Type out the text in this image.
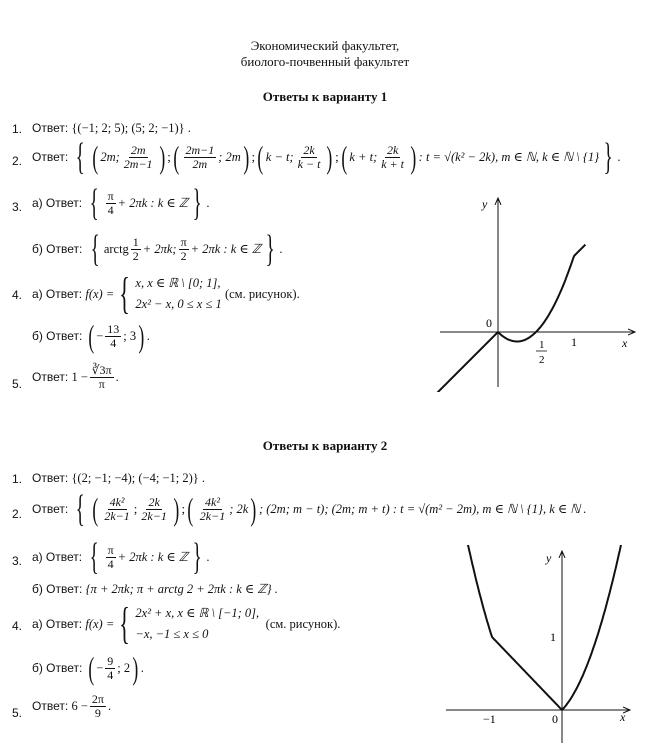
Экономический факультет,
биолого-почвенный факультет
Ответы к варианту 1
1. Ответ:
{(−1; 2; 5); (5; 2; −1)} .
2. Ответ:
{ ( 2m; $\frac{2m}{2m-1}$ ) ; ( $\frac{2m-1}{2m}$ ; 2m ) ; ( k − t; $\frac{2k}{k - t}$ ) ; ( k + t; $\frac{2k}{k + t}$ ) : t = √(k² − 2k), m ∈ ℕ, k ∈ ℕ \ {1} } .
3. а)
Ответ:
{ $\frac{\pi}{4} + 2\pi k$ : k ∈ ℤ } .
б)
Ответ:
{ arctg $\frac{1}{2} + 2\pi k$; $\frac{\pi}{2} + 2\pi k$ : k ∈ ℤ } .
4. а)
Ответ:
f(x) = { x, x ∈ ℝ \ [0; 1],
2x² − x, 0 ≤ x ≤ 1

(см. рисунок).
б)
Ответ:
( − $\frac{13}{4}$ ; 3 ) .
5. Ответ:
$1 - \frac{∛3\pi}{\pi}$ .
y
x
0
1
1
2
Ответы к варианту 2
1. Ответ:
{(2; −1; −4); (−4; −1; 2)} .
2. Ответ:
{ ( $\frac{\text{4k²}}{2k-1}$ ; $\frac{2k}{2k-1}$ ) ; ( $\frac{\text{4k²}}{2k-1}$ ; 2k ) ; (2m; m − t); (2m; m + t) : t = √(m² − 2m), m ∈ ℕ \ {1}, k ∈ ℕ .
3. а)
Ответ:
{ $\frac{\pi}{4} + 2\pi k$ : k ∈ ℤ } .
б)
Ответ:
{π + 2πk; π + arctg 2 + 2πk : k ∈ ℤ} .
4. а)
Ответ:
f(x) = { 2x² + x, x ∈ ℝ \ [−1; 0],
−x, −1 ≤ x ≤ 0

(см. рисунок).
б)
Ответ:
( − $\frac{9}{4}$ ; 2 ) .
5. Ответ:
$6 - \frac{2\pi}{9}$ .
y
x
0
−1
1
